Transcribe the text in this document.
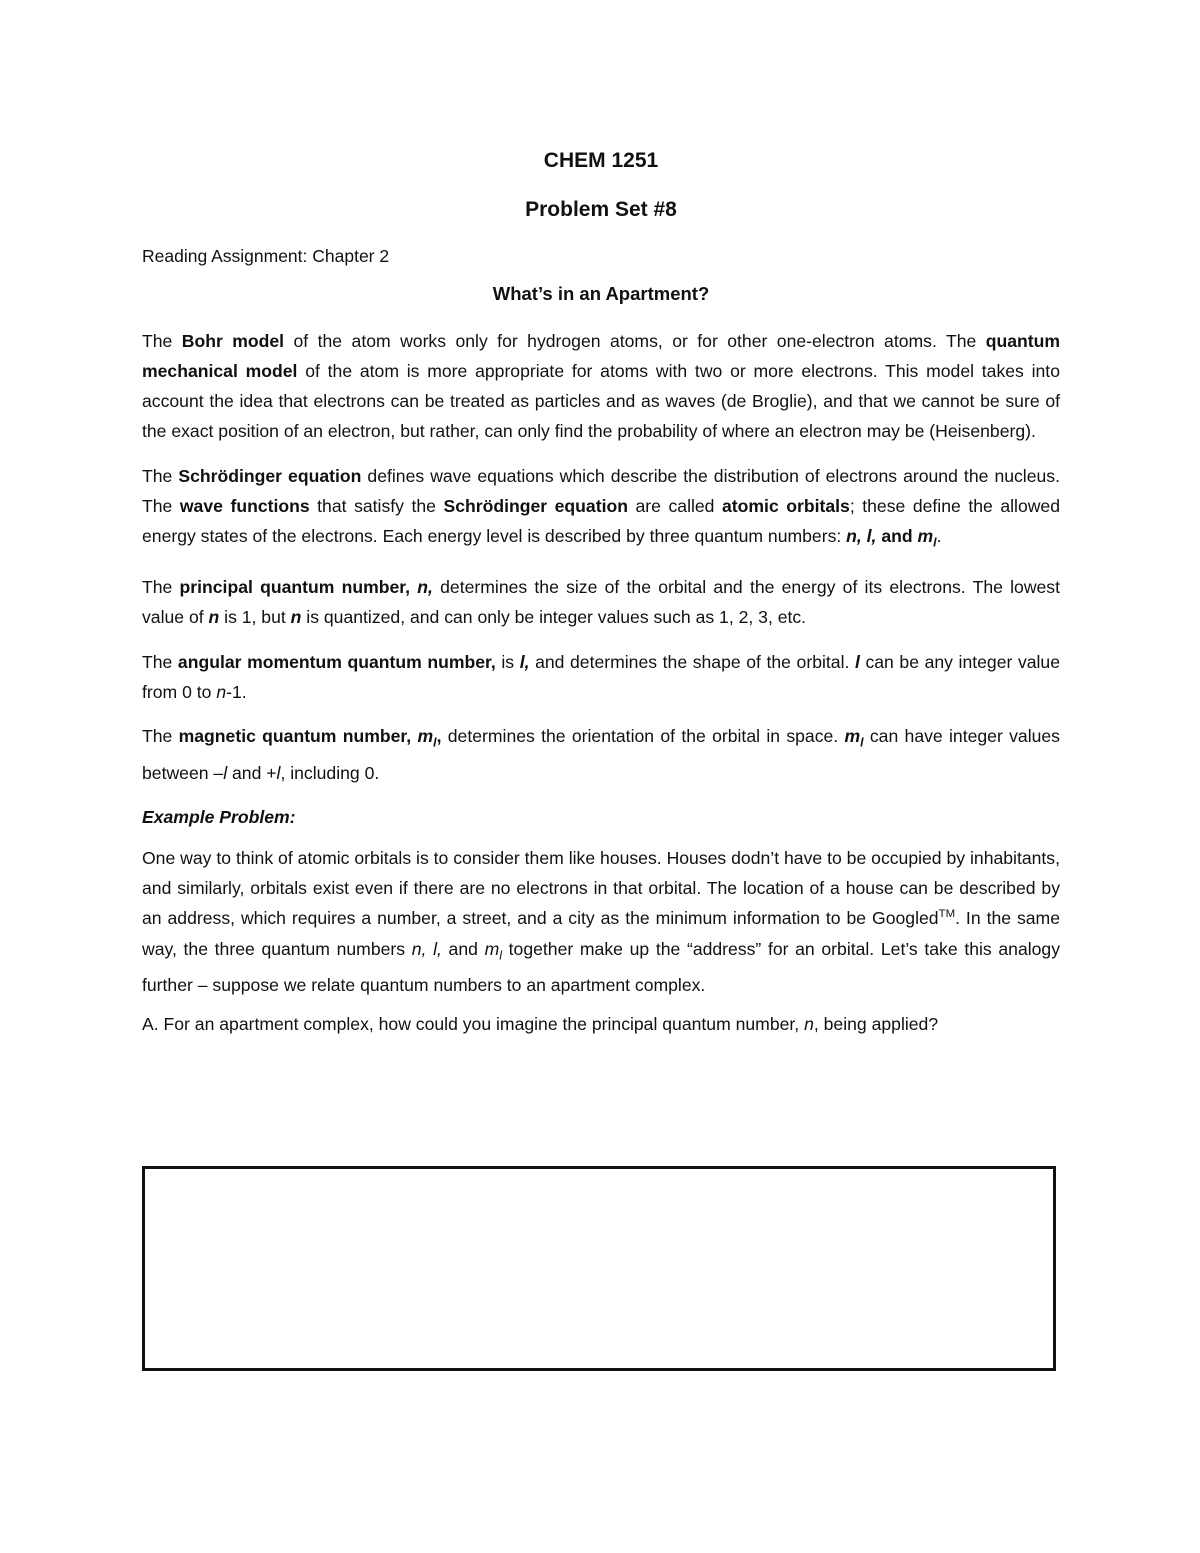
CHEM 1251
Problem Set #8
Reading Assignment: Chapter 2
What’s in an Apartment?

The Bohr model of the atom works only for hydrogen atoms, or for other one-electron atoms. The quantum mechanical model of the atom is more appropriate for atoms with two or more electrons. This model takes into account the idea that electrons can be treated as particles and as waves (de Broglie), and that we cannot be sure of the exact position of an electron, but rather, can only find the probability of where an electron may be (Heisenberg).

The Schrödinger equation defines wave equations which describe the distribution of electrons around the nucleus. The wave functions that satisfy the Schrödinger equation are called atomic orbitals; these define the allowed energy states of the electrons. Each energy level is described by three quantum numbers: n, l, and $m_l$.

The principal quantum number, n, determines the size of the orbital and the energy of its electrons. The lowest value of n is 1, but n is quantized, and can only be integer values such as 1, 2, 3, etc.

The angular momentum quantum number, is l, and determines the shape of the orbital. l can be any integer value from 0 to n-1.

The magnetic quantum number, $m_l$, determines the orientation of the orbital in space. $m_l$ can have integer values between –l and +l, including 0.

Example Problem:

One way to think of atomic orbitals is to consider them like houses. Houses dodn’t have to be occupied by inhabitants, and similarly, orbitals exist even if there are no electrons in that orbital. The location of a house can be described by an address, which requires a number, a street, and a city as the minimum information to be Googled™. In the same way, the three quantum numbers n, l, and $m_l$ together make up the “address” for an orbital. Let’s take this analogy further – suppose we relate quantum numbers to an apartment complex.

A. For an apartment complex, how could you imagine the principal quantum number, n, being applied?
